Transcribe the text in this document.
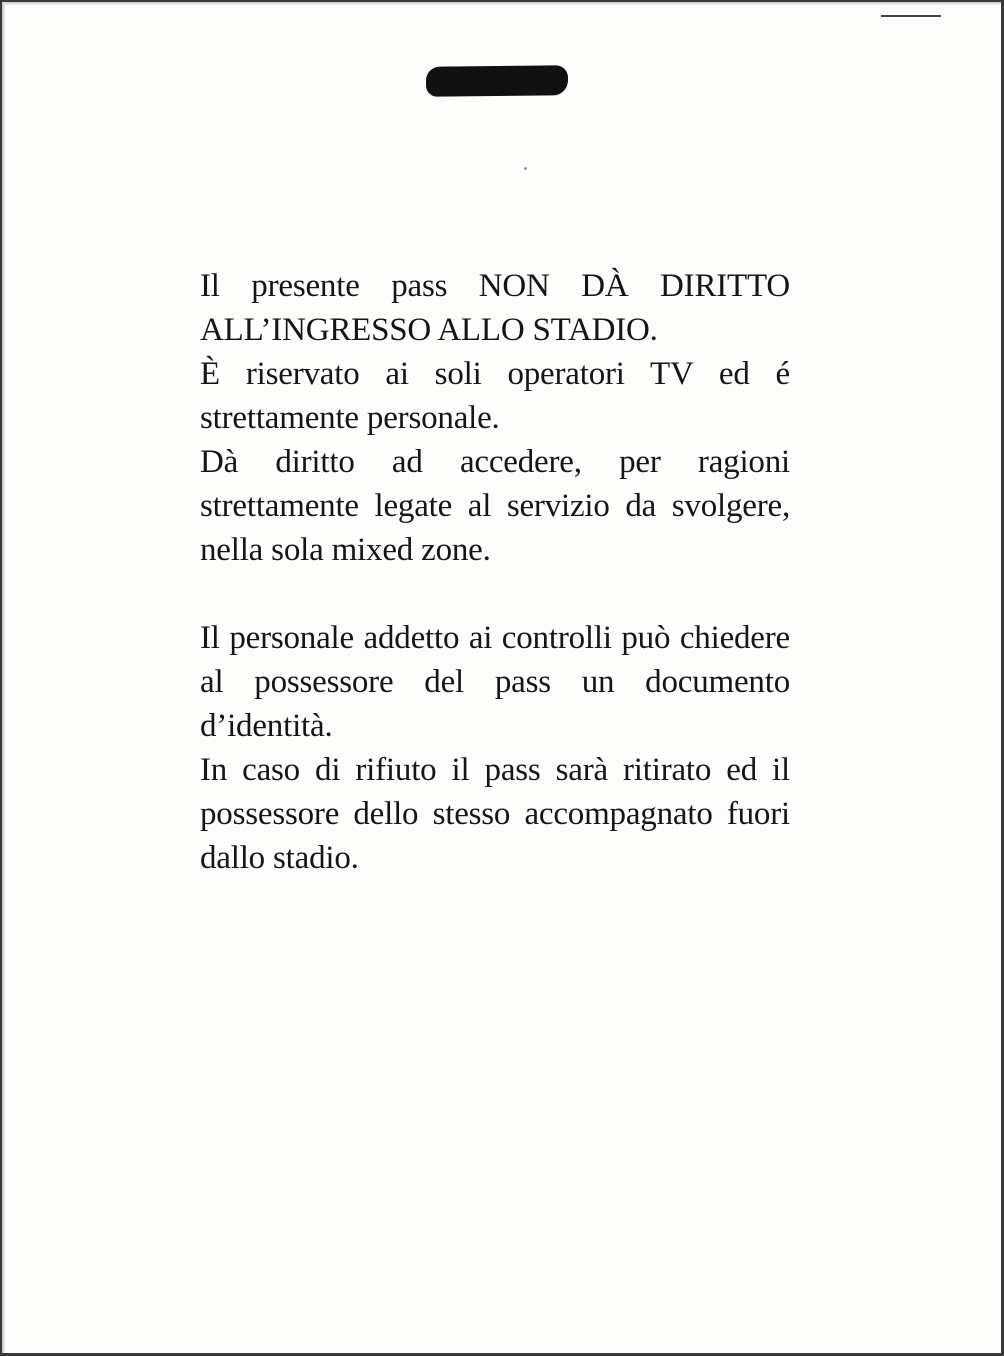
Il presente pass NON DÀ DIRITTO

ALL’INGRESSO ALLO STADIO.

È riservato ai soli operatori TV ed é strettamente personale.

Dà diritto ad accedere, per ragioni strettamente legate al servizio da svolgere, nella sola mixed zone.

Il personale addetto ai controlli può chiedere al possessore del pass un documento d’identità.

In caso di rifiuto il pass sarà ritirato ed il possessore dello stesso accompagnato fuori dallo stadio.
